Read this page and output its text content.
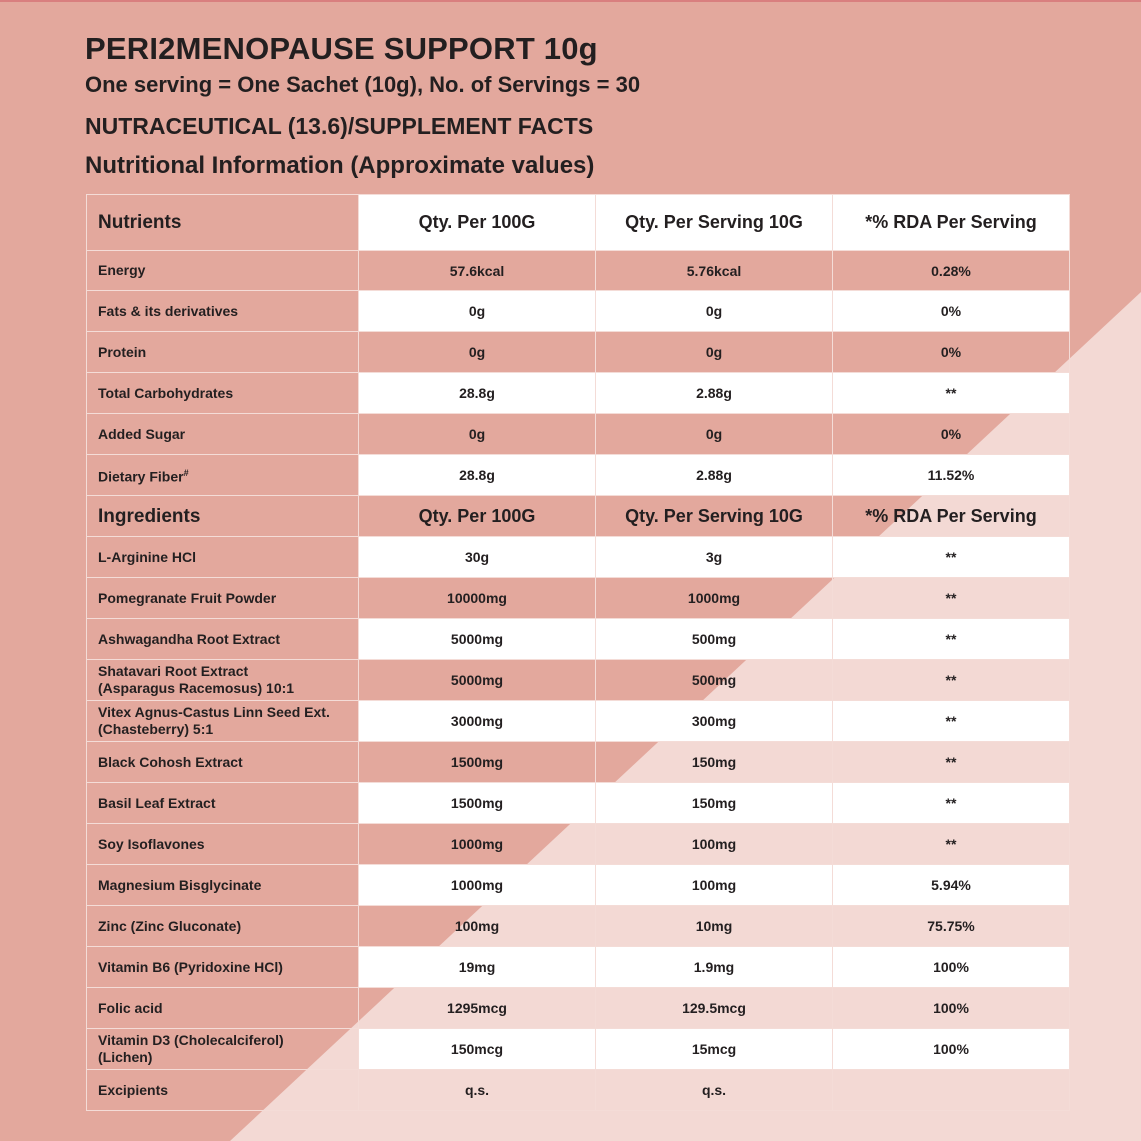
PERI2MENOPAUSE SUPPORT 10g
One serving = One Sachet (10g), No. of Servings = 30
NUTRACEUTICAL (13.6)/SUPPLEMENT FACTS
Nutritional Information (Approximate values)
Nutrients	Qty. Per 100G	Qty. Per Serving 10G	*% RDA Per Serving
Energy	57.6kcal	5.76kcal	0.28%
Fats & its derivatives	0g	0g	0%
Protein	0g	0g	0%
Total Carbohydrates	28.8g	2.88g	**
Added Sugar	0g	0g	0%
Dietary Fiber#	28.8g	2.88g	11.52%
Ingredients	Qty. Per 100G	Qty. Per Serving 10G	*% RDA Per Serving
L-Arginine HCl	30g	3g	**
Pomegranate Fruit Powder	10000mg	1000mg	**
Ashwagandha Root Extract	5000mg	500mg	**
Shatavari Root Extract
(Asparagus Racemosus) 10:1	5000mg	500mg	**
Vitex Agnus-Castus Linn Seed Ext.
(Chasteberry) 5:1	3000mg	300mg	**
Black Cohosh Extract	1500mg	150mg	**
Basil Leaf Extract	1500mg	150mg	**
Soy Isoflavones	1000mg	100mg	**
Magnesium Bisglycinate	1000mg	100mg	5.94%
Zinc (Zinc Gluconate)	100mg	10mg	75.75%
Vitamin B6 (Pyridoxine HCl)	19mg	1.9mg	100%
Folic acid	1295mcg	129.5mcg	100%
Vitamin D3 (Cholecalciferol)
(Lichen)	150mcg	15mcg	100%
Excipients	q.s.	q.s.	
